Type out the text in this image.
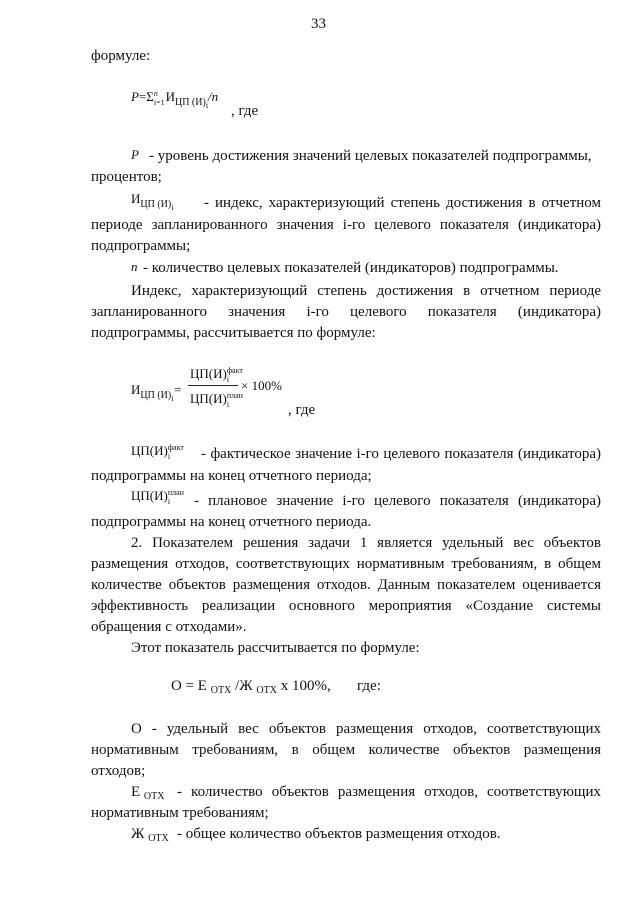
33
формуле:
P=Σ n
i=1 $И_{ЦП (И)i}/n$
, где
P - уровень достижения значений целевых показателей подпрограммы,
процентов;
$И_{ЦП (И)i}$ - индекс, характеризующий степень достижения в отчетном
периоде запланированного значения i-го целевого показателя (индикатора)
подпрограммы;
n - количество целевых показателей (индикаторов) подпрограммы.
Индекс, характеризующий степень достижения в отчетном периоде
запланированного значения i-го целевого показателя (индикатора)
подпрограммы, рассчитывается по формуле:
$И_{ЦП (И)i}$
=
ЦП(И) факт
i
ЦП(И) план
i
× 100%
, где
ЦП(И) факт
i	- фактическое значение i-го целевого показателя (индикатора)
подпрограммы на конец отчетного периода;
ЦП(И) план
i	- плановое значение i-го целевого показателя (индикатора)
подпрограммы на конец отчетного периода.
2. Показателем решения задачи 1 является удельный вес объектов
размещения отходов, соответствующих нормативным требованиям, в общем
количестве объектов размещения отходов. Данным показателем оценивается
эффективность реализации основного мероприятия «Создание системы
обращения с отходами».
Этот показатель рассчитывается по формуле:
О = Е $_{ОТХ}$ /Ж $_{ОТХ}$ х 100%, где:
О - удельный вес объектов размещения отходов, соответствующих
нормативным требованиям, в общем количестве объектов размещения
отходов;
Е $_{ОТХ}$ - количество объектов размещения отходов, соответствующих
нормативным требованиям;
Ж $_{ОТХ}$ - общее количество объектов размещения отходов.
